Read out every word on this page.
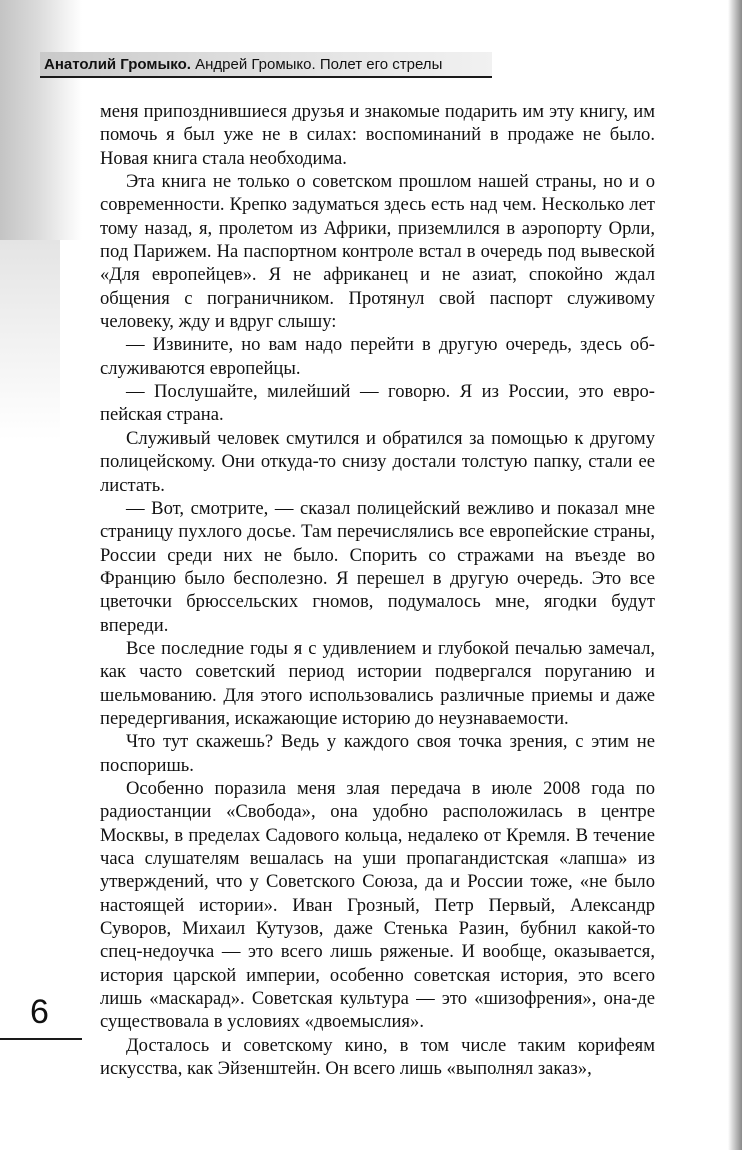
Анатолий Громыко. Андрей Громыко. Полет его стрелы

меня припозднившиеся друзья и знакомые подарить им эту книгу, им помочь я был уже не в силах: воспоминаний в продаже не было. Новая книга стала необходима.

Эта книга не только о советском прошлом нашей страны, но и о современности. Крепко задуматься здесь есть над чем. Несколько лет тому назад, я, пролетом из Африки, приземлился в аэропорту Орли, под Парижем. На паспортном контроле встал в очередь под вывеской «Для европейцев». Я не африканец и не азиат, спокойно ждал общения с пограничником. Протянул свой паспорт служивому человеку, жду и вдруг слышу:

— Извините, но вам надо перейти в другую очередь, здесь обслуживаются европейцы.

— Послушайте, милейший — говорю. Я из России, это европейская страна.

Служивый человек смутился и обратился за помощью к другому полицейскому. Они откуда-то снизу достали толстую папку, стали ее листать.

— Вот, смотрите, — сказал полицейский вежливо и показал мне страницу пухлого досье. Там перечислялись все европейские страны, России среди них не было. Спорить со стражами на въезде во Францию было бесполезно. Я перешел в другую очередь. Это все цветочки брюссельских гномов, подумалось мне, ягодки будут впереди.

Все последние годы я с удивлением и глубокой печалью замечал, как часто советский период истории подвергался поруганию и шельмованию. Для этого использовались различные приемы и даже передергивания, искажающие историю до неузнаваемости.

Что тут скажешь? Ведь у каждого своя точка зрения, с этим не поспоришь.

Особенно поразила меня злая передача в июле 2008 года по радиостанции «Свобода», она удобно расположилась в центре Москвы, в пределах Садового кольца, недалеко от Кремля. В течение часа слушателям вешалась на уши пропагандистская «лапша» из утверждений, что у Советского Союза, да и России тоже, «не было настоящей истории». Иван Грозный, Петр Первый, Александр Суворов, Михаил Кутузов, даже Стенька Разин, бубнил какой-то спец-недоучка — это всего лишь ряженые. И вообще, оказывается, история царской империи, особенно советская история, это всего лишь «маскарад». Советская культура — это «шизофрения», она-де существовала в условиях «двоемыслия».

Досталось и советскому кино, в том числе таким корифеям искусства, как Эйзенштейн. Он всего лишь «выполнял заказ»,

6
